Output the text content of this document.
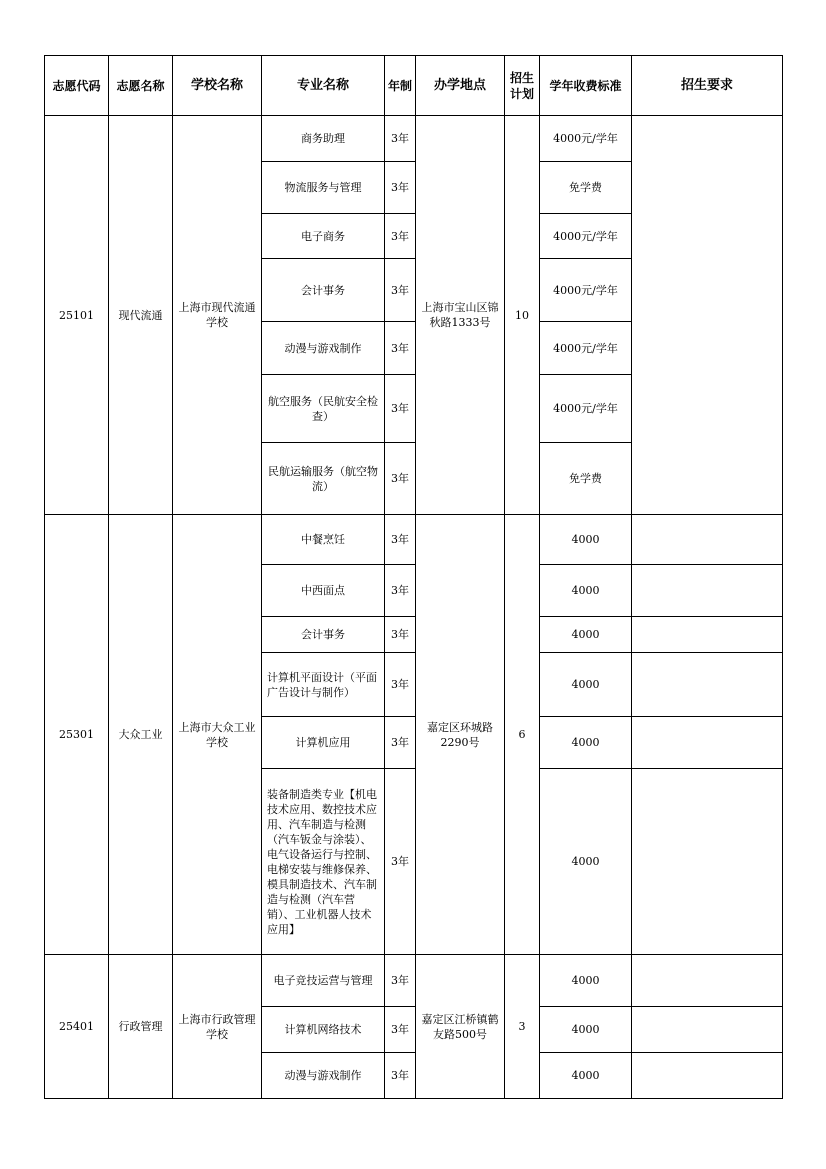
志愿代码	志愿名称	学校名称	专业名称	年制	办学地点	招生计划	学年收费标准	招生要求
25101	现代流通	上海市现代流通学校	商务助理	3年	上海市宝山区锦秋路1333号	10	4000元/学年	
			物流服务与管理	3年			免学费	
			电子商务	3年			4000元/学年	
			会计事务	3年			4000元/学年	
			动漫与游戏制作	3年			4000元/学年	
			航空服务（民航安全检查）	3年			4000元/学年	
			民航运输服务（航空物流）	3年			免学费	
25301	大众工业	上海市大众工业学校	中餐烹饪	3年	嘉定区环城路2290号	6	4000	
			中西面点	3年			4000	
			会计事务	3年			4000	
			计算机平面设计（平面广告设计与制作）	3年			4000	
			计算机应用	3年			4000	
			装备制造类专业【机电技术应用、数控技术应用、汽车制造与检测（汽车钣金与涂装）、电气设备运行与控制、电梯安装与维修保养、模具制造技术、汽车制造与检测（汽车营销）、工业机器人技术应用】	3年			4000	
25401	行政管理	上海市行政管理学校	电子竞技运营与管理	3年	嘉定区江桥镇鹤友路500号	3	4000	
			计算机网络技术	3年			4000	
			动漫与游戏制作	3年			4000	
